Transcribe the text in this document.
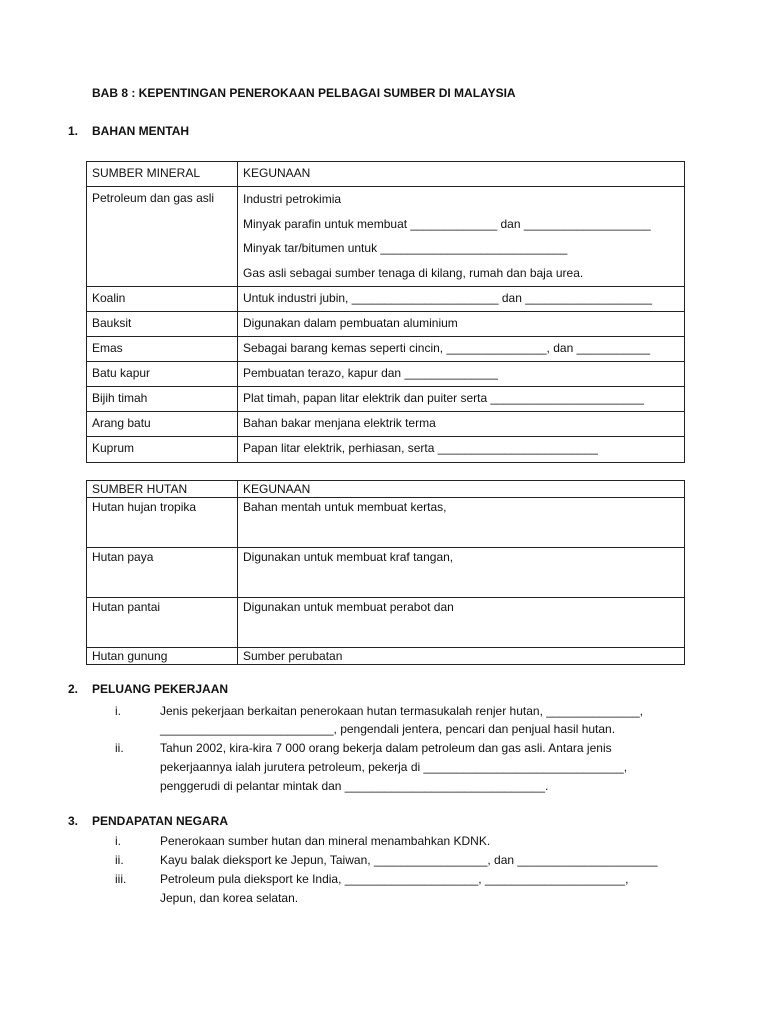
BAB 8 : KEPENTINGAN PENEROKAAN PELBAGAI SUMBER DI MALAYSIA
1. BAHAN MENTAH
SUMBER MINERAL	KEGUNAAN
Petroleum dan gas asli	Industri petrokimia
Minyak parafin untuk membuat _____________ dan ___________________
Minyak tar/bitumen untuk ____________________________
Gas asli sebagai sumber tenaga di kilang, rumah dan baja urea.

Koalin	Untuk industri jubin, ______________________ dan ___________________
Bauksit	Digunakan dalam pembuatan aluminium
Emas	Sebagai barang kemas seperti cincin, _______________, dan ___________
Batu kapur	Pembuatan terazo, kapur dan ______________
Bijih timah	Plat timah, papan litar elektrik dan puiter serta _______________________
Arang batu	Bahan bakar menjana elektrik terma
Kuprum	Papan litar elektrik, perhiasan, serta ________________________
SUMBER HUTAN	KEGUNAAN
Hutan hujan tropika	Bahan mentah untuk membuat kertas,
Hutan paya	Digunakan untuk membuat kraf tangan,
Hutan pantai	Digunakan untuk membuat perabot dan
Hutan gunung	Sumber perubatan
2. PELUANG PEKERJAAN
i.	Jenis pekerjaan berkaitan penerokaan hutan termasukalah renjer hutan, ______________,
__________________________, pengendali jentera, pencari dan penjual hasil hutan.
ii.	Tahun 2002, kira-kira 7 000 orang bekerja dalam petroleum dan gas asli. Antara jenis
pekerjaannya ialah jurutera petroleum, pekerja di ______________________________,
penggerudi di pelantar mintak dan ______________________________.
3. PENDAPATAN NEGARA
i.	Penerokaan sumber hutan dan mineral menambahkan KDNK.
ii.	Kayu balak dieksport ke Jepun, Taiwan, _________________, dan _____________________
iii.	Petroleum pula dieksport ke India, ____________________, _____________________,
Jepun, dan korea selatan.
